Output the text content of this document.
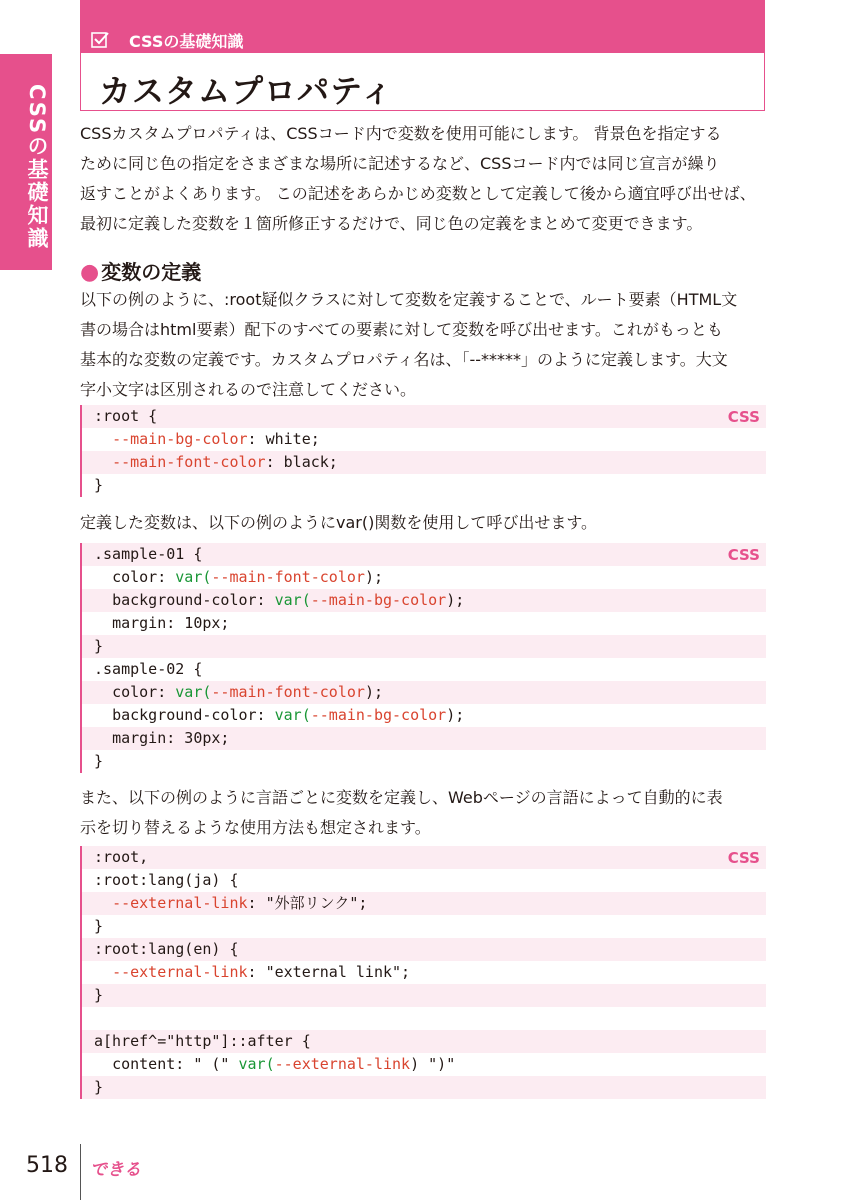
CSSの基礎知識
カスタムプロパティ
CSSの基礎知識 CSSカスタムプロパティは、CSSコード内で変数を使用可能にします。 背景色を指定する
ために同じ色の指定をさまざまな場所に記述するなど、CSSコード内では同じ宣言が繰り
返すことがよくあります。 この記述をあらかじめ変数として定義して後から適宜呼び出せば、
最初に定義した変数を１箇所修正するだけで、同じ色の定義をまとめて変更できます。
● 変数の定義
以下の例のように、:root疑似クラスに対して変数を定義することで、ルート要素（HTML文
書の場合はhtml要素）配下のすべての要素に対して変数を呼び出せます。これがもっとも
基本的な変数の定義です。カスタムプロパティ名は、「--*****」のように定義します。大文
字小文字は区別されるので注意してください。
CSS
:root {
--main-bg-color: white;
--main-font-color: black;
}
定義した変数は、以下の例のようにvar()関数を使用して呼び出せます。
CSS
.sample-01 {
color: var(--main-font-color);
background-color: var(--main-bg-color);
margin: 10px;
}
.sample-02 {
color: var(--main-font-color);
background-color: var(--main-bg-color);
margin: 30px;
}
また、以下の例のように言語ごとに変数を定義し、Webページの言語によって自動的に表
示を切り替えるような使用方法も想定されます。
CSS
:root,
:root:lang(ja) {
--external-link: "外部リンク";
}
:root:lang(en) {
--external-link: "external link";
}
a[href^="http"]::after {
content: " (" var(--external-link) ")"
}
518 できる
